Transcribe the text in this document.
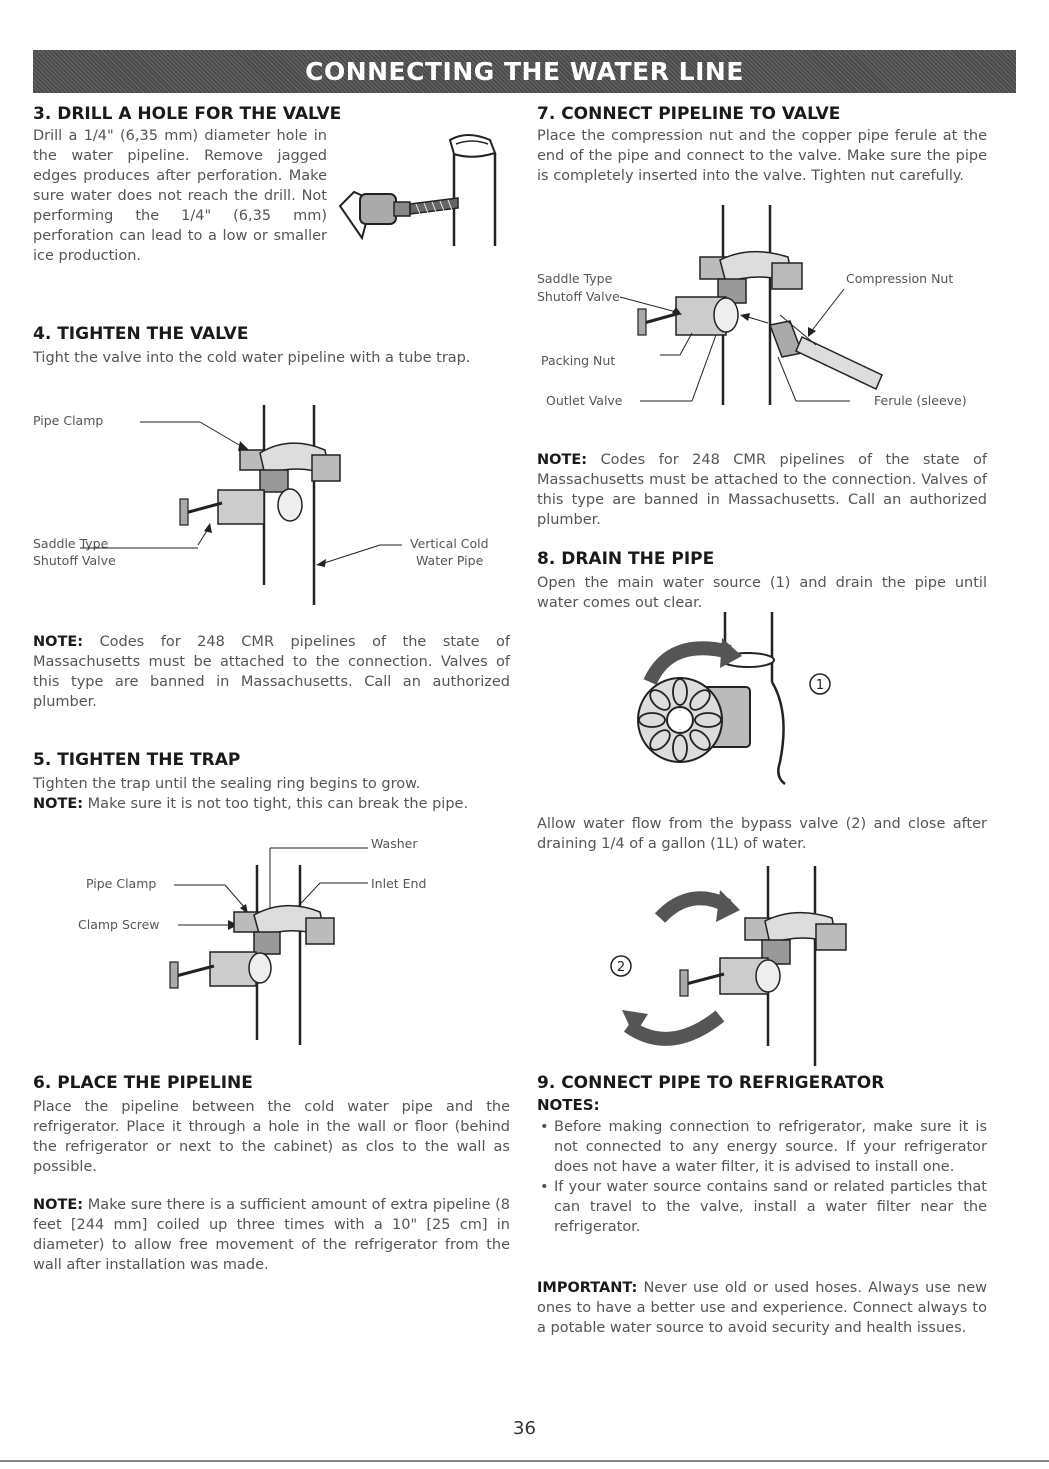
CONNECTING THE WATER LINE
3. DRILL A HOLE FOR THE VALVE
Drill a 1/4" (6,35 mm) diameter hole in the water pipeline. Remove jagged edges produces after perforation. Make sure water does not reach the drill. Not performing the 1/4" (6,35 mm) perforation can lead to a low or smaller ice production.
4. TIGHTEN THE VALVE
Tight the valve into the cold water pipeline with a tube trap.
Pipe Clamp
Saddle Type
Shutoff Valve
Vertical Cold
Water Pipe
NOTE: Codes for 248 CMR pipelines of the state of Massachusetts must be attached to the connection. Valves of this type are banned in Massachusetts. Call an authorized plumber.
5. TIGHTEN THE TRAP
Tighten the trap until the sealing ring begins to grow.
NOTE: Make sure it is not too tight, this can break the pipe.
Washer
Pipe Clamp	Inlet End
Clamp Screw
6. PLACE THE PIPELINE
Place the pipeline between the cold water pipe and the refrigerator. Place it through a hole in the wall or floor (behind the refrigerator or next to the cabinet) as clos to the wall as possible.
NOTE: Make sure there is a sufficient amount of extra pipeline (8 feet [244 mm] coiled up three times with a 10" [25 cm] in diameter) to allow free movement of the refrigerator from the wall after installation was made.
7. CONNECT PIPELINE TO VALVE
Place the compression nut and the copper pipe ferule at the end of the pipe and connect to the valve. Make sure the pipe is completely inserted into the valve. Tighten nut carefully.
Saddle Type
Shutoff Valve
Compression Nut
Packing Nut
Outlet Valve	Ferule (sleeve)
NOTE: Codes for 248 CMR pipelines of the state of Massachusetts must be attached to the connection. Valves of this type are banned in Massachusetts. Call an authorized plumber.
8. DRAIN THE PIPE
Open the main water source (1) and drain the pipe until water comes out clear.
1
Allow water flow from the bypass valve (2) and close after draining 1/4 of a gallon (1L) of water.
2
9. CONNECT PIPE TO REFRIGERATOR
NOTES:
• Before making connection to refrigerator, make sure it is not connected to any energy source. If your refrigerator does not have a water filter, it is advised to install one.
• If your water source contains sand or related particles that can travel to the valve, install a water filter near the refrigerator.
IMPORTANT: Never use old or used hoses. Always use new ones to have a better use and experience. Connect always to a potable water source to avoid security and health issues.
36
